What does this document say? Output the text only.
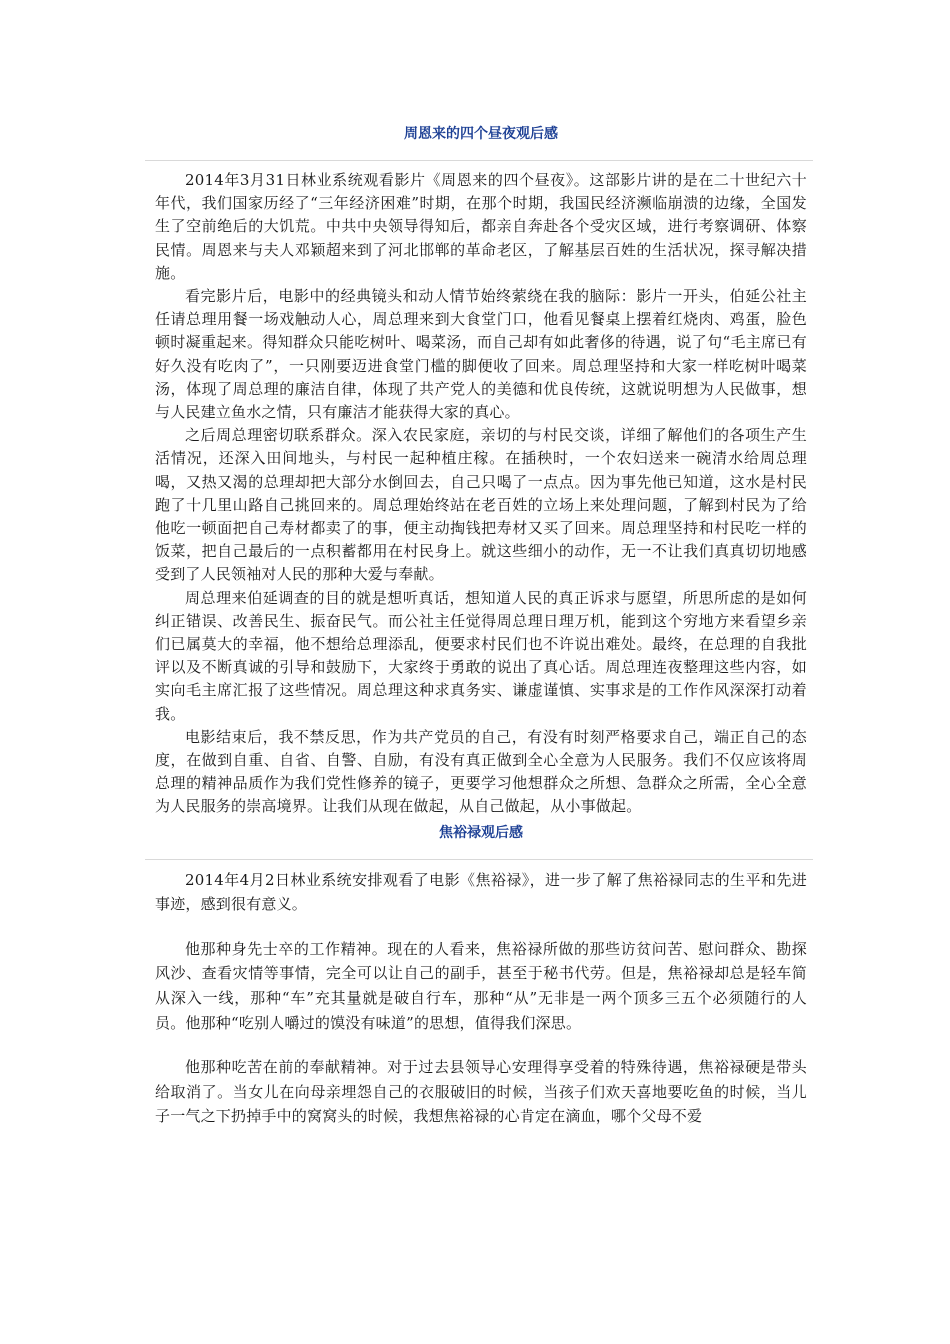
周恩来的四个昼夜观后感

2014年3月31日林业系统观看影片《周恩来的四个昼夜》。这部影片讲的是在二十世纪六十年代，我们国家历经了“三年经济困难”时期，在那个时期，我国民经济濒临崩溃的边缘，全国发生了空前绝后的大饥荒。中共中央领导得知后，都亲自奔赴各个受灾区域，进行考察调研、体察民情。周恩来与夫人邓颖超来到了河北邯郸的革命老区，了解基层百姓的生活状况，探寻解决措施。

看完影片后，电影中的经典镜头和动人情节始终萦绕在我的脑际：影片一开头，伯延公社主任请总理用餐一场戏触动人心，周总理来到大食堂门口，他看见餐桌上摆着红烧肉、鸡蛋，脸色顿时凝重起来。得知群众只能吃树叶、喝菜汤，而自己却有如此奢侈的待遇，说了句“毛主席已有好久没有吃肉了”，一只刚要迈进食堂门槛的脚便收了回来。周总理坚持和大家一样吃树叶喝菜汤，体现了周总理的廉洁自律，体现了共产党人的美德和优良传统，这就说明想为人民做事，想与人民建立鱼水之情，只有廉洁才能获得大家的真心。

之后周总理密切联系群众。深入农民家庭，亲切的与村民交谈，详细了解他们的各项生产生活情况，还深入田间地头，与村民一起种植庄稼。在插秧时，一个农妇送来一碗清水给周总理喝，又热又渴的总理却把大部分水倒回去，自己只喝了一点点。因为事先他已知道，这水是村民跑了十几里山路自己挑回来的。周总理始终站在老百姓的立场上来处理问题，了解到村民为了给他吃一顿面把自己寿材都卖了的事，便主动掏钱把寿材又买了回来。周总理坚持和村民吃一样的饭菜，把自己最后的一点积蓄都用在村民身上。就这些细小的动作，无一不让我们真真切切地感受到了人民领袖对人民的那种大爱与奉献。

周总理来伯延调查的目的就是想听真话，想知道人民的真正诉求与愿望，所思所虑的是如何纠正错误、改善民生、振奋民气。而公社主任觉得周总理日理万机，能到这个穷地方来看望乡亲们已属莫大的幸福，他不想给总理添乱，便要求村民们也不许说出难处。最终，在总理的自我批评以及不断真诚的引导和鼓励下，大家终于勇敢的说出了真心话。周总理连夜整理这些内容，如实向毛主席汇报了这些情况。周总理这种求真务实、谦虚谨慎、实事求是的工作作风深深打动着我。

电影结束后，我不禁反思，作为共产党员的自己，有没有时刻严格要求自己，端正自己的态度，在做到自重、自省、自警、自励，有没有真正做到全心全意为人民服务。我们不仅应该将周总理的精神品质作为我们党性修养的镜子，更要学习他想群众之所想、急群众之所需，全心全意为人民服务的崇高境界。让我们从现在做起，从自己做起，从小事做起。

焦裕禄观后感

2014年4月2日林业系统安排观看了电影《焦裕禄》，进一步了解了焦裕禄同志的生平和先进事迹，感到很有意义。

他那种身先士卒的工作精神。现在的人看来，焦裕禄所做的那些访贫问苦、慰问群众、勘探风沙、查看灾情等事情，完全可以让自己的副手，甚至于秘书代劳。但是，焦裕禄却总是轻车简从深入一线，那种“车”充其量就是破自行车，那种“从”无非是一两个顶多三五个必须随行的人员。他那种“吃别人嚼过的馍没有味道”的思想，值得我们深思。

他那种吃苦在前的奉献精神。对于过去县领导心安理得享受着的特殊待遇，焦裕禄硬是带头给取消了。当女儿在向母亲埋怨自己的衣服破旧的时候，当孩子们欢天喜地要吃鱼的时候，当儿子一气之下扔掉手中的窝窝头的时候，我想焦裕禄的心肯定在滴血，哪个父母不爱
